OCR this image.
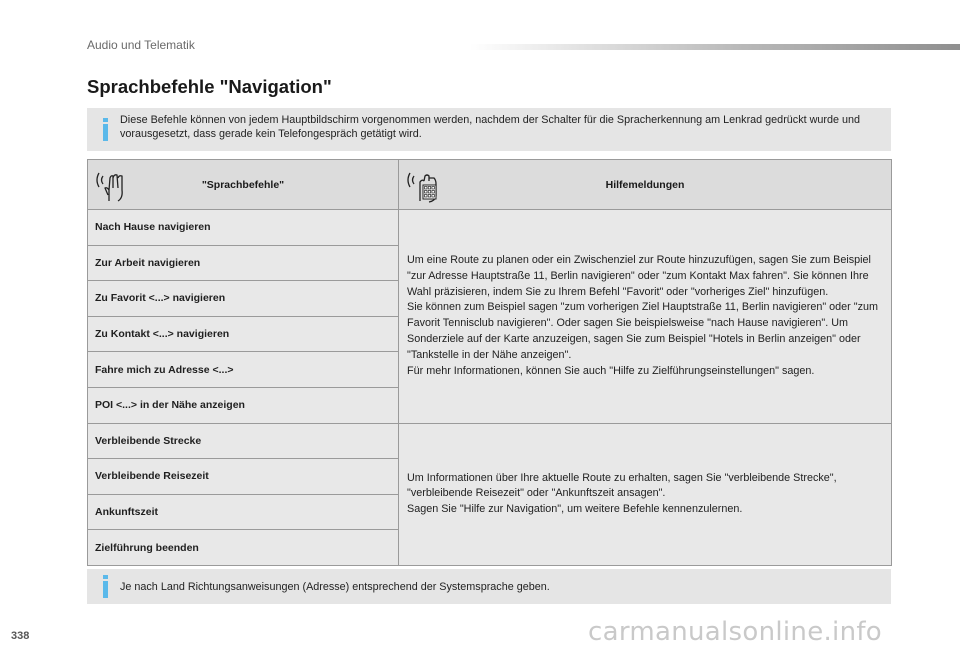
Audio und Telematik
Sprachbefehle "Navigation"
Diese Befehle können von jedem Hauptbildschirm vorgenommen werden, nachdem der Schalter für die Spracherkennung am Lenkrad gedrückt wurde und vorausgesetzt, dass gerade kein Telefongespräch getätigt wird.
"Sprachbefehle"	Hilfemeldungen

Nach Hause navigieren	Um eine Route zu planen oder ein Zwischenziel zur Route hinzuzufügen, sagen Sie zum Beispiel "zur Adresse Hauptstraße 11, Berlin navigieren" oder "zum Kontakt Max fahren". Sie können Ihre Wahl präzisieren, indem Sie zu Ihrem Befehl "Favorit" oder "vorheriges Ziel" hinzufügen.
Sie können zum Beispiel sagen "zum vorherigen Ziel Hauptstraße 11, Berlin navigieren" oder "zum Favorit Tennisclub navigieren". Oder sagen Sie beispielsweise "nach Hause navigieren". Um Sonderziele auf der Karte anzuzeigen, sagen Sie zum Beispiel "Hotels in Berlin anzeigen" oder "Tankstelle in der Nähe anzeigen".
Für mehr Informationen, können Sie auch "Hilfe zu Zielführungseinstellungen" sagen.
Zur Arbeit navigieren	
Zu Favorit <...> navigieren	
Zu Kontakt <...> navigieren	
Fahre mich zu Adresse <...>	
POI <...> in der Nähe anzeigen	
Verbleibende Strecke	Um Informationen über Ihre aktuelle Route zu erhalten, sagen Sie "verbleibende Strecke", "verbleibende Reisezeit" oder "Ankunftszeit ansagen".
Sagen Sie "Hilfe zur Navigation", um weitere Befehle kennenzulernen.
Verbleibende Reisezeit	
Ankunftszeit	
Zielführung beenden	
Je nach Land Richtungsanweisungen (Adresse) entsprechend der Systemsprache geben.
338	carmanualsonline.info
